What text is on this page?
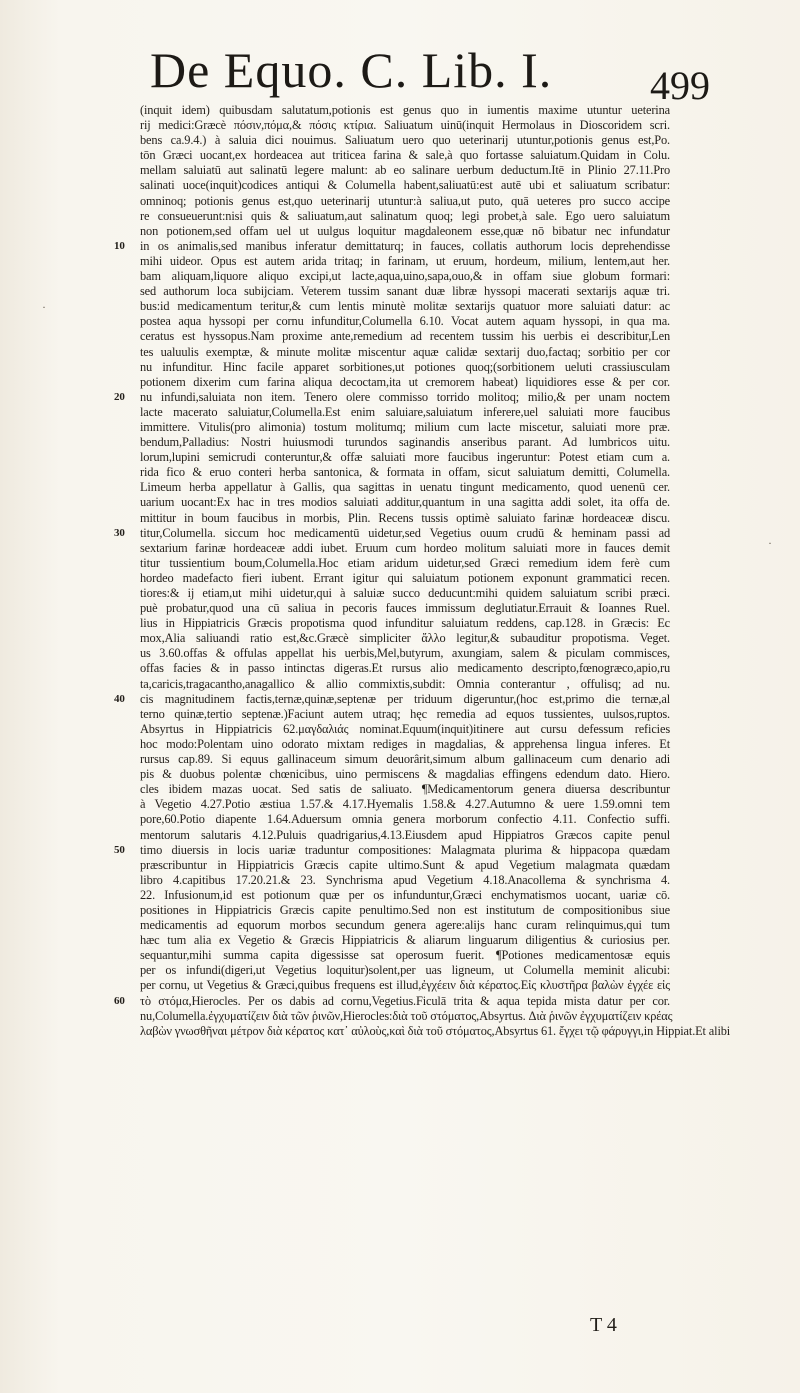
De Equo. C. Lib. I. 499
(inquit idem) quibusdam salutatum,potionis est genus quo in iumentis maxime utuntur ueterina
rij medici:Græcè πόσιν,πόμα,& πόσις κτίρια. Saliuatum uinū(inquit Hermolaus in Dioscoridem scri.
bens ca.9.4.) à saluia dici nouimus. Saliuatum uero quo ueterinarij utuntur,potionis genus est,Po.
tōn Græci uocant,ex hordeacea aut triticea farina & sale,à quo fortasse saluiatum.Quidam in Colu.
mellam saluiatū aut salinatū legere malunt: ab eo salinare uerbum deductum.Itē in Plinio 27.11.Pro
salinati uoce(inquit)codices antiqui & Columella habent,saliuatū:est autē ubi et saliuatum scribatur:
omninoq; potionis genus est,quo ueterinarij utuntur:à saliua,ut puto, quā ueteres pro succo accipe
re consueuerunt:nisi quis & saliuatum,aut salinatum quoq; legi probet,à sale. Ego uero saluiatum
non potionem,sed offam uel ut uulgus loquitur magdaleonem esse,quæ nō bibatur nec infundatur
in os animalis,sed manibus inferatur demittaturq; in fauces, collatis authorum locis deprehendisse
10
mihi uideor. Opus est autem arida tritaq; in farinam, ut eruum, hordeum, milium, lentem,aut her.
bam aliquam,liquore aliquo excipi,ut lacte,aqua,uino,sapa,ouo,& in offam siue globum formari:
sed authorum loca subijciam. Veterem tussim sanant duæ libræ hyssopi macerati sextarijs aquæ tri.
bus:id medicamentum teritur,& cum lentis minutè molitæ sextarijs quatuor more saluiati datur: ac
postea aqua hyssopi per cornu infunditur,Columella 6.10. Vocat autem aquam hyssopi, in qua ma.
ceratus est hyssopus.Nam proxime ante,remedium ad recentem tussim his uerbis ei describitur,Len
tes ualuulis exemptæ, & minute molitæ miscentur aquæ calidæ sextarij duo,factaq; sorbitio per cor
nu infunditur. Hinc facile apparet sorbitiones,ut potiones quoq;(sorbitionem ueluti crassiusculam
potionem dixerim cum farina aliqua decoctam,ita ut cremorem habeat) liquidiores esse & per cor.
nu infundi,saluiata non item. Tenero olere commisso torrido molitoq; milio,& per unam noctem
20
lacte macerato saluiatur,Columella.Est enim saluiare,saluiatum inferere,uel saluiati more faucibus
immittere. Vitulis(pro alimonia) tostum molitumq; milium cum lacte miscetur, saluiati more præ.
bendum,Palladius: Nostri huiusmodi turundos saginandis anseribus parant. Ad lumbricos uitu.
lorum,lupini semicrudi conteruntur,& offæ saluiati more faucibus ingeruntur: Potest etiam cum a.
rida fico & eruo conteri herba santonica, & formata in offam, sicut saluiatum demitti, Columella.
Limeum herba appellatur à Gallis, qua sagittas in uenatu tingunt medicamento, quod uenenū cer.
uarium uocant:Ex hac in tres modios saluiati additur,quantum in una sagitta addi solet, ita offa de.
mittitur in boum faucibus in morbis, Plin. Recens tussis optimè saluiato farinæ hordeaceæ discu.
titur,Columella. siccum hoc medicamentū uidetur,sed Vegetius ouum crudū & heminam passi ad
30
sextarium farinæ hordeaceæ addi iubet. Eruum cum hordeo molitum saluiati more in fauces demit
titur tussientium boum,Columella.Hoc etiam aridum uidetur,sed Græci remedium idem ferè cum
hordeo madefacto fieri iubent. Errant igitur qui saluiatum potionem exponunt grammatici recen.
tiores:& ij etiam,ut mihi uidetur,qui à saluiæ succo deducunt:mihi quidem saluiatum scribi præci.
puè probatur,quod una cū saliua in pecoris fauces immissum deglutiatur.Errauit & Ioannes Ruel.
lius in Hippiatricis Græcis propotisma quod infunditur saluiatum reddens, cap.128. in Græcis: Ec
mox,Alia saliuandi ratio est,&c.Græcè simpliciter ἄλλο legitur,& subauditur propotisma. Veget.
us 3.60.offas & offulas appellat his uerbis,Mel,butyrum, axungiam, salem & piculam commisces,
offas facies & in passo intinctas digeras.Et rursus alio medicamento descripto,fœnogræco,apio,ru
ta,caricis,tragacantho,anagallico & allio commixtis,subdit: Omnia conterantur , offulisq; ad nu.
cis magnitudinem factis,ternæ,quinæ,septenæ per triduum digeruntur,(hoc est,primo die ternæ,al
40
terno quinæ,tertio septenæ.)Faciunt autem utraq; hęc remedia ad equos tussientes, uulsos,ruptos.
Absyrtus in Hippiatricis 62.μαγδαλιάς nominat.Equum(inquit)itinere aut cursu defessum reficies
hoc modo:Polentam uino odorato mixtam rediges in magdalias, & apprehensa lingua inferes. Et
rursus cap.89. Si equus gallinaceum simum deuorârit,simum album gallinaceum cum denario adi
pis & duobus polentæ chœnicibus, uino permiscens & magdalias effingens edendum dato. Hiero.
cles ibidem mazas uocat. Sed satis de saliuato. ¶Medicamentorum genera diuersa describuntur
à Vegetio 4.27.Potio æstiua 1.57.& 4.17.Hyemalis 1.58.& 4.27.Autumno & uere 1.59.omni tem
pore,60.Potio diapente 1.64.Aduersum omnia genera morborum confectio 4.11. Confectio suffi.
mentorum salutaris 4.12.Puluis quadrigarius,4.13.Eiusdem apud Hippiatros Græcos capite penul
timo diuersis in locis uariæ traduntur compositiones: Malagmata plurima & hippacopa quædam
50
præscribuntur in Hippiatricis Græcis capite ultimo.Sunt & apud Vegetium malagmata quædam
libro 4.capitibus 17.20.21.& 23. Synchrisma apud Vegetium 4.18.Anacollema & synchrisma 4.
22. Infusionum,id est potionum quæ per os infunduntur,Græci enchymatismos uocant, uariæ cō.
positiones in Hippiatricis Græcis capite penultimo.Sed non est institutum de compositionibus siue
medicamentis ad equorum morbos secundum genera agere:alijs hanc curam relinquimus,qui tum
hæc tum alia ex Vegetio & Græcis Hippiatricis & aliarum linguarum diligentius & curiosius per.
sequantur,mihi summa capita digessisse sat operosum fuerit. ¶Potiones medicamentosæ equis
per os infundi(digeri,ut Vegetius loquitur)solent,per uas ligneum, ut Columella meminit alicubi:
per cornu, ut Vegetius & Græci,quibus frequens est illud,ἐγχέειν διὰ κέρατος.Εἰς κλυστῆρα βαλὼν ἐγχέε εἰς
τὸ στόμα,Hierocles. Per os dabis ad cornu,Vegetius.Ficulā trita & aqua tepida mista datur per cor.
60
nu,Columella.ἐγχυματίζειν διὰ τῶν ῥινῶν,Hierocles:διὰ τοῦ στόματος,Absyrtus. Διὰ ῥινῶν ἐγχυματίζειν κρέας
λαβὼν γνωσθῆναι μέτρον διὰ κέρατος κατ᾽ αὐλοὺς,καὶ διὰ τοῦ στόματος,Absyrtus 61. ἔγχει τῷ φάρυγγι,in Hippiat.Et alibi
·
·
T 4
